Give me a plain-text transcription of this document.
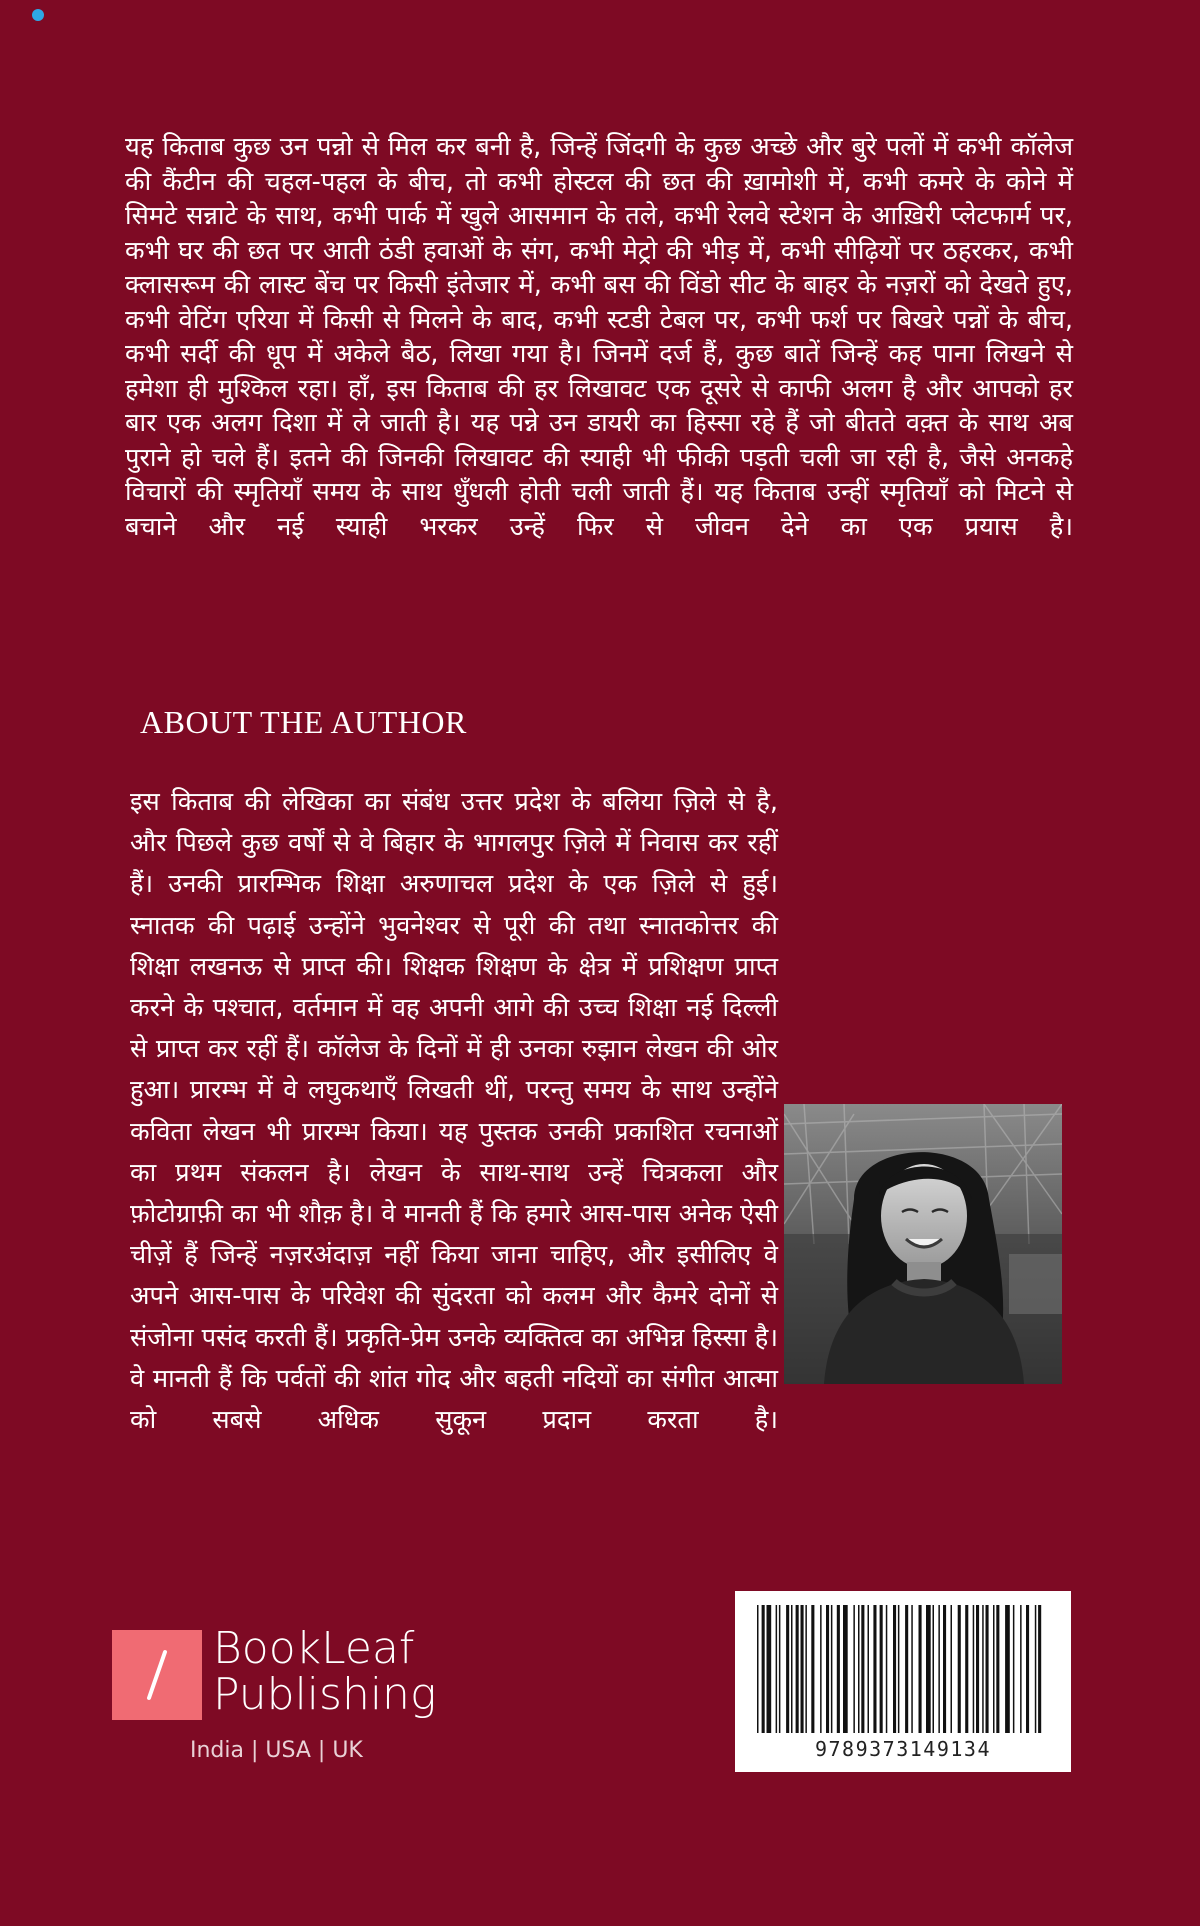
यह किताब कुछ उन पन्नो से मिल कर बनी है, जिन्हें जिंदगी के कुछ अच्छे और बुरे पलों में कभी कॉलेज की कैंटीन की चहल-पहल के बीच, तो कभी होस्टल की छत की ख़ामोशी में, कभी कमरे के कोने में सिमटे सन्नाटे के साथ, कभी पार्क में खुले आसमान के तले, कभी रेलवे स्टेशन के आख़िरी प्लेटफार्म पर, कभी घर की छत पर आती ठंडी हवाओं के संग, कभी मेट्रो की भीड़ में, कभी सीढ़ियों पर ठहरकर, कभी क्लासरूम की लास्ट बेंच पर किसी इंतेजार में, कभी बस की विंडो सीट के बाहर के नज़रों को देखते हुए, कभी वेटिंग एरिया में किसी से मिलने के बाद, कभी स्टडी टेबल पर, कभी फर्श पर बिखरे पन्नों के बीच, कभी सर्दी की धूप में अकेले बैठ, लिखा गया है। जिनमें दर्ज हैं, कुछ बातें जिन्हें कह पाना लिखने से हमेशा ही मुश्किल रहा। हाँ, इस किताब की हर लिखावट एक दूसरे से काफी अलग है और आपको हर बार एक अलग दिशा में ले जाती है। यह पन्ने उन डायरी का हिस्सा रहे हैं जो बीतते वक़्त के साथ अब पुराने हो चले हैं। इतने की जिनकी लिखावट की स्याही भी फीकी पड़ती चली जा रही है, जैसे अनकहे विचारों की स्मृतियाँ समय के साथ धुँधली होती चली जाती हैं। यह किताब उन्हीं स्मृतियाँ को मिटने से बचाने और नई स्याही भरकर उन्हें फिर से जीवन देने का एक प्रयास है।

ABOUT THE AUTHOR

इस किताब की लेखिका का संबंध उत्तर प्रदेश के बलिया ज़िले से है, और पिछले कुछ वर्षों से वे बिहार के भागलपुर ज़िले में निवास कर रहीं हैं। उनकी प्रारम्भिक शिक्षा अरुणाचल प्रदेश के एक ज़िले से हुई। स्नातक की पढ़ाई उन्होंने भुवनेश्वर से पूरी की तथा स्नातकोत्तर की शिक्षा लखनऊ से प्राप्त की। शिक्षक शिक्षण के क्षेत्र में प्रशिक्षण प्राप्त करने के पश्चात, वर्तमान में वह अपनी आगे की उच्च शिक्षा नई दिल्ली से प्राप्त कर रहीं हैं। कॉलेज के दिनों में ही उनका रुझान लेखन की ओर हुआ। प्रारम्भ में वे लघुकथाएँ लिखती थीं, परन्तु समय के साथ उन्होंने कविता लेखन भी प्रारम्भ किया। यह पुस्तक उनकी प्रकाशित रचनाओं का प्रथम संकलन है। लेखन के साथ-साथ उन्हें चित्रकला और फ़ोटोग्राफ़ी का भी शौक़ है। वे मानती हैं कि हमारे आस-पास अनेक ऐसी चीज़ें हैं जिन्हें नज़रअंदाज़ नहीं किया जाना चाहिए, और इसीलिए वे अपने आस-पास के परिवेश की सुंदरता को कलम और कैमरे दोनों से संजोना पसंद करती हैं। प्रकृति-प्रेम उनके व्यक्तित्व का अभिन्न हिस्सा है। वे मानती हैं कि पर्वतों की शांत गोद और बहती नदियों का संगीत आत्मा को सबसे अधिक सुकून प्रदान करता है।

BookLeaf
Publishing
India | USA | UK	9789373149134
